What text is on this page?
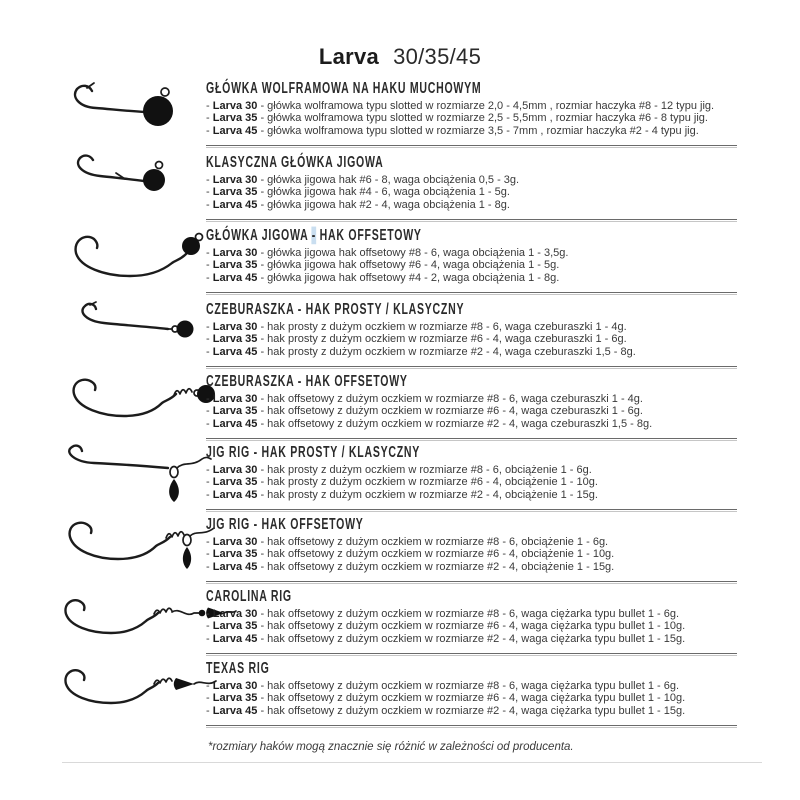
Larva 30/35/45
GŁÓWKA WOLFRAMOWA NA HAKU MUCHOWYM
- Larva 30 - główka wolframowa typu slotted w rozmiarze 2,0 - 4,5mm , rozmiar haczyka #8 - 12 typu jig.
- Larva 35 - główka wolframowa typu slotted w rozmiarze 2,5 - 5,5mm , rozmiar haczyka #6 - 8 typu jig.
- Larva 45 - główka wolframowa typu slotted w rozmiarze 3,5 - 7mm , rozmiar haczyka #2 - 4 typu jig.
KLASYCZNA GŁÓWKA JIGOWA
- Larva 30 - główka jigowa hak #6 - 8, waga obciążenia 0,5 - 3g.
- Larva 35 - główka jigowa hak #4 - 6, waga obciążenia 1 - 5g.
- Larva 45 - główka jigowa hak #2 - 4, waga obciążenia 1 - 8g.
GŁÓWKA JIGOWA - HAK OFFSETOWY
- Larva 30 - główka jigowa hak offsetowy #8 - 6, waga obciążenia 1 - 3,5g.
- Larva 35 - główka jigowa hak offsetowy #6 - 4, waga obciążenia 1 - 5g.
- Larva 45 - główka jigowa hak offsetowy #4 - 2, waga obciążenia 1 - 8g.
CZEBURASZKA - HAK PROSTY / KLASYCZNY
- Larva 30 - hak prosty z dużym oczkiem w rozmiarze #8 - 6, waga czeburaszki 1 - 4g.
- Larva 35 - hak prosty z dużym oczkiem w rozmiarze #6 - 4, waga czeburaszki 1 - 6g.
- Larva 45 - hak prosty z dużym oczkiem w rozmiarze #2 - 4, waga czeburaszki 1,5 - 8g.
CZEBURASZKA - HAK OFFSETOWY
- Larva 30 - hak offsetowy z dużym oczkiem w rozmiarze #8 - 6, waga czeburaszki 1 - 4g.
- Larva 35 - hak offsetowy z dużym oczkiem w rozmiarze #6 - 4, waga czeburaszki 1 - 6g.
- Larva 45 - hak offsetowy z dużym oczkiem w rozmiarze #2 - 4, waga czeburaszki 1,5 - 8g.
JIG RIG - HAK PROSTY / KLASYCZNY
- Larva 30 - hak prosty z dużym oczkiem w rozmiarze #8 - 6, obciążenie 1 - 6g.
- Larva 35 - hak prosty z dużym oczkiem w rozmiarze #6 - 4, obciążenie 1 - 10g.
- Larva 45 - hak prosty z dużym oczkiem w rozmiarze #2 - 4, obciążenie 1 - 15g.
JIG RIG - HAK OFFSETOWY
- Larva 30 - hak offsetowy z dużym oczkiem w rozmiarze #8 - 6, obciążenie 1 - 6g.
- Larva 35 - hak offsetowy z dużym oczkiem w rozmiarze #6 - 4, obciążenie 1 - 10g.
- Larva 45 - hak offsetowy z dużym oczkiem w rozmiarze #2 - 4, obciążenie 1 - 15g.
CAROLINA RIG
- Larva 30 - hak offsetowy z dużym oczkiem w rozmiarze #8 - 6, waga ciężarka typu bullet 1 - 6g.
- Larva 35 - hak offsetowy z dużym oczkiem w rozmiarze #6 - 4, waga ciężarka typu bullet 1 - 10g.
- Larva 45 - hak offsetowy z dużym oczkiem w rozmiarze #2 - 4, waga ciężarka typu bullet 1 - 15g.
TEXAS RIG
- Larva 30 - hak offsetowy z dużym oczkiem w rozmiarze #8 - 6, waga ciężarka typu bullet 1 - 6g.
- Larva 35 - hak offsetowy z dużym oczkiem w rozmiarze #6 - 4, waga ciężarka typu bullet 1 - 10g.
- Larva 45 - hak offsetowy z dużym oczkiem w rozmiarze #2 - 4, waga ciężarka typu bullet 1 - 15g.
*rozmiary haków mogą znacznie się różnić w zależności od producenta.
